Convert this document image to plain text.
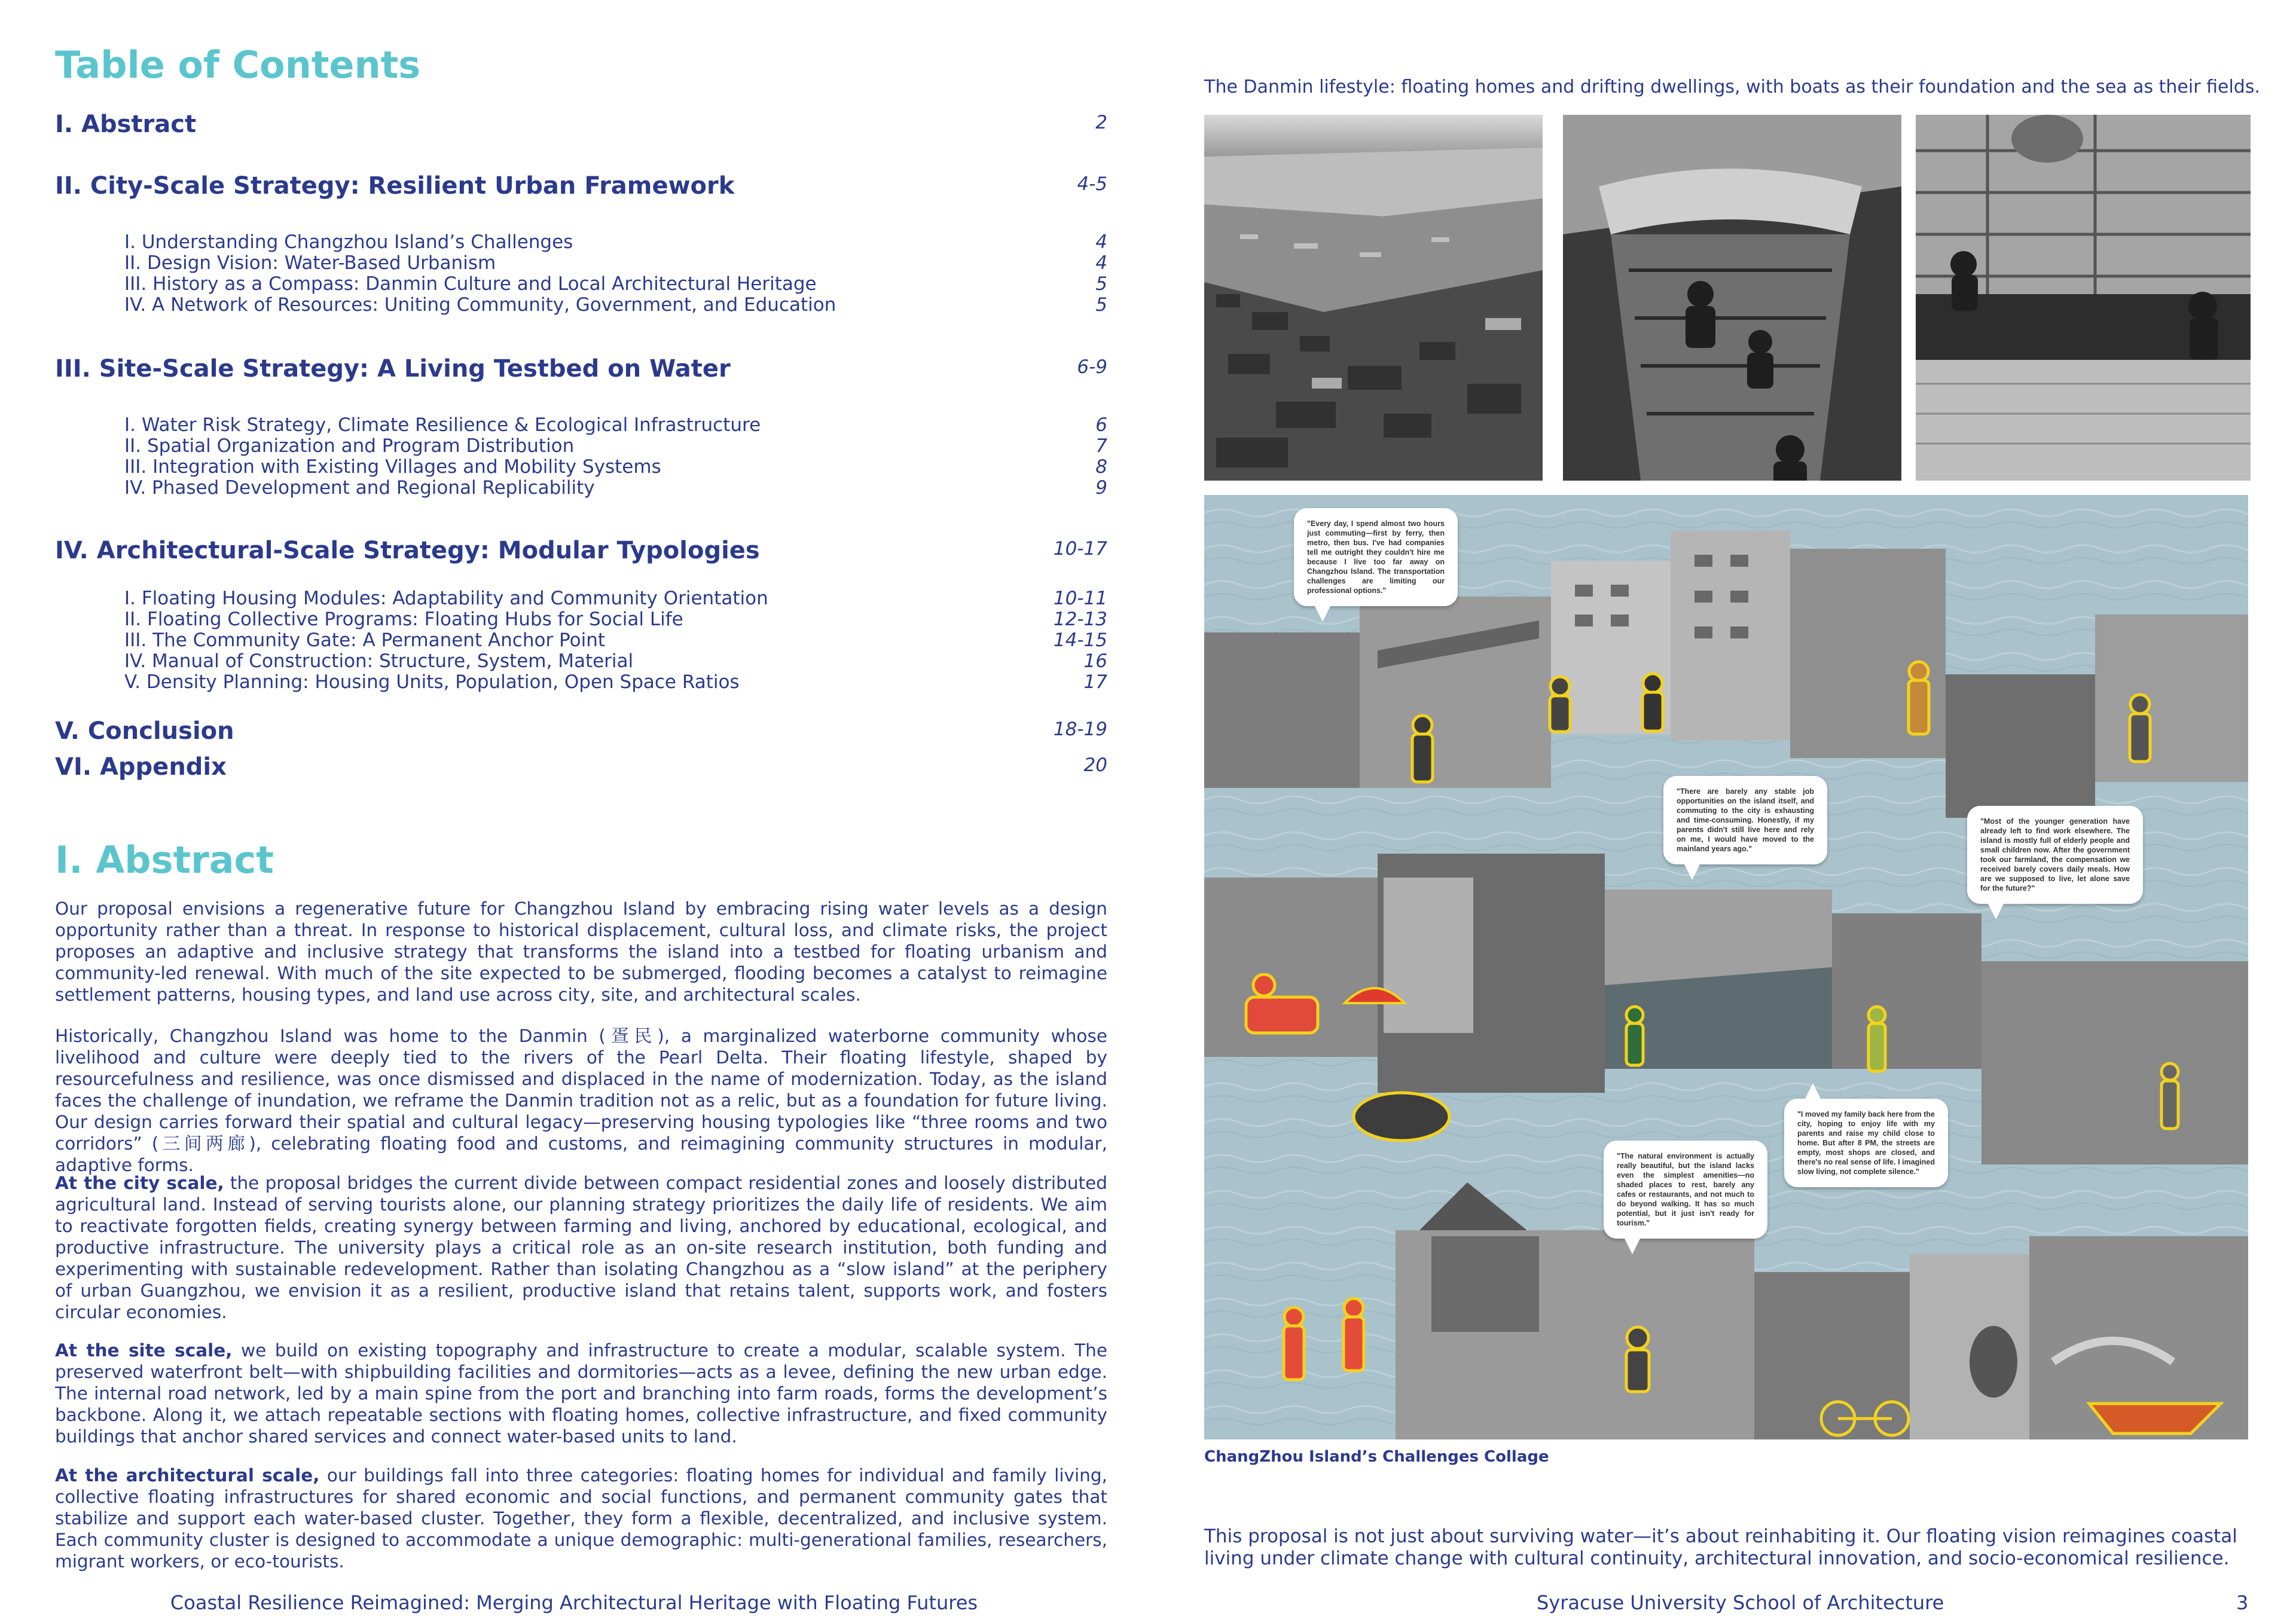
Table of Contents
I. Abstract	2
II. City-Scale Strategy: Resilient Urban Framework	4-5
I. Understanding Changzhou Island’s Challenges	4
II. Design Vision: Water-Based Urbanism	4
III. History as a Compass: Danmin Culture and Local Architectural Heritage	5
IV. A Network of Resources: Uniting Community, Government, and Education	5
III. Site-Scale Strategy: A Living Testbed on Water	6-9
I. Water Risk Strategy, Climate Resilience & Ecological Infrastructure	6
II. Spatial Organization and Program Distribution	7
III. Integration with Existing Villages and Mobility Systems	8
IV. Phased Development and Regional Replicability	9
IV. Architectural-Scale Strategy: Modular Typologies	10-17
I. Floating Housing Modules: Adaptability and Community Orientation	10-11
II. Floating Collective Programs: Floating Hubs for Social Life	12-13
III. The Community Gate: A Permanent Anchor Point	14-15
IV. Manual of Construction: Structure, System, Material	16
V. Density Planning: Housing Units, Population, Open Space Ratios	17
V. Conclusion	18-19
VI. Appendix	20
I. Abstract
Our proposal envisions a regenerative future for Changzhou Island by embracing rising water levels as a design opportunity rather than a threat. In response to historical displacement, cultural loss, and climate risks, the project proposes an adaptive and inclusive strategy that transforms the island into a testbed for floating urbanism and community-led renewal. With much of the site expected to be submerged, flooding becomes a catalyst to reimagine settlement patterns, housing types, and land use across city, site, and architectural scales.
Historically, Changzhou Island was home to the Danmin (疍民), a marginalized waterborne community whose livelihood and culture were deeply tied to the rivers of the Pearl Delta. Their floating lifestyle, shaped by resourcefulness and resilience, was once dismissed and displaced in the name of modernization. Today, as the island faces the challenge of inundation, we reframe the Danmin tradition not as a relic, but as a foundation for future living. Our design carries forward their spatial and cultural legacy—preserving housing typologies like “three rooms and two corridors” (三间两廊), celebrating floating food and customs, and reimagining community structures in modular, adaptive forms.
At the city scale, the proposal bridges the current divide between compact residential zones and loosely distributed agricultural land. Instead of serving tourists alone, our planning strategy prioritizes the daily life of residents. We aim to reactivate forgotten fields, creating synergy between farming and living, anchored by educational, ecological, and productive infrastructure. The university plays a critical role as an on-site research institution, both funding and experimenting with sustainable redevelopment. Rather than isolating Changzhou as a “slow island” at the periphery of urban Guangzhou, we envision it as a resilient, productive island that retains talent, supports work, and fosters circular economies.
At the site scale, we build on existing topography and infrastructure to create a modular, scalable system. The preserved waterfront belt—with shipbuilding facilities and dormitories—acts as a levee, defining the new urban edge. The internal road network, led by a main spine from the port and branching into farm roads, forms the development’s backbone. Along it, we attach repeatable sections with floating homes, collective infrastructure, and fixed community buildings that anchor shared services and connect water-based units to land.
At the architectural scale, our buildings fall into three categories: floating homes for individual and family living, collective floating infrastructures for shared economic and social functions, and permanent community gates that stabilize and support each water-based cluster. Together, they form a flexible, decentralized, and inclusive system. Each community cluster is designed to accommodate a unique demographic: multi-generational families, researchers, migrant workers, or eco-tourists.
Coastal Resilience Reimagined: Merging Architectural Heritage with Floating Futures
The Danmin lifestyle: floating homes and drifting dwellings, with boats as their foundation and the sea as their fields.
"Every day, I spend almost two hours just commuting—first by ferry, then metro, then bus. I've had companies tell me outright they couldn't hire me because I live too far away on Changzhou Island. The transportation challenges are limiting our professional options."
"There are barely any stable job opportunities on the island itself, and commuting to the city is exhausting and time-consuming. Honestly, if my parents didn't still live here and rely on me, I would have moved to the mainland years ago."
"Most of the younger generation have already left to find work elsewhere. The island is mostly full of elderly people and small children now. After the government took our farmland, the compensation we received barely covers daily meals. How are we supposed to live, let alone save for the future?"
"I moved my family back here from the city, hoping to enjoy life with my parents and raise my child close to home. But after 8 PM, the streets are empty, most shops are closed, and there's no real sense of life. I imagined slow living, not complete silence."
"The natural environment is actually really beautiful, but the island lacks even the simplest amenities—no shaded places to rest, barely any cafes or restaurants, and not much to do beyond walking. It has so much potential, but it just isn't ready for tourism."
ChangZhou Island’s Challenges Collage
This proposal is not just about surviving water—it’s about reinhabiting it. Our floating vision reimagines coastal living under climate change with cultural continuity, architectural innovation, and socio-economical resilience.
Syracuse University School of Architecture	3
